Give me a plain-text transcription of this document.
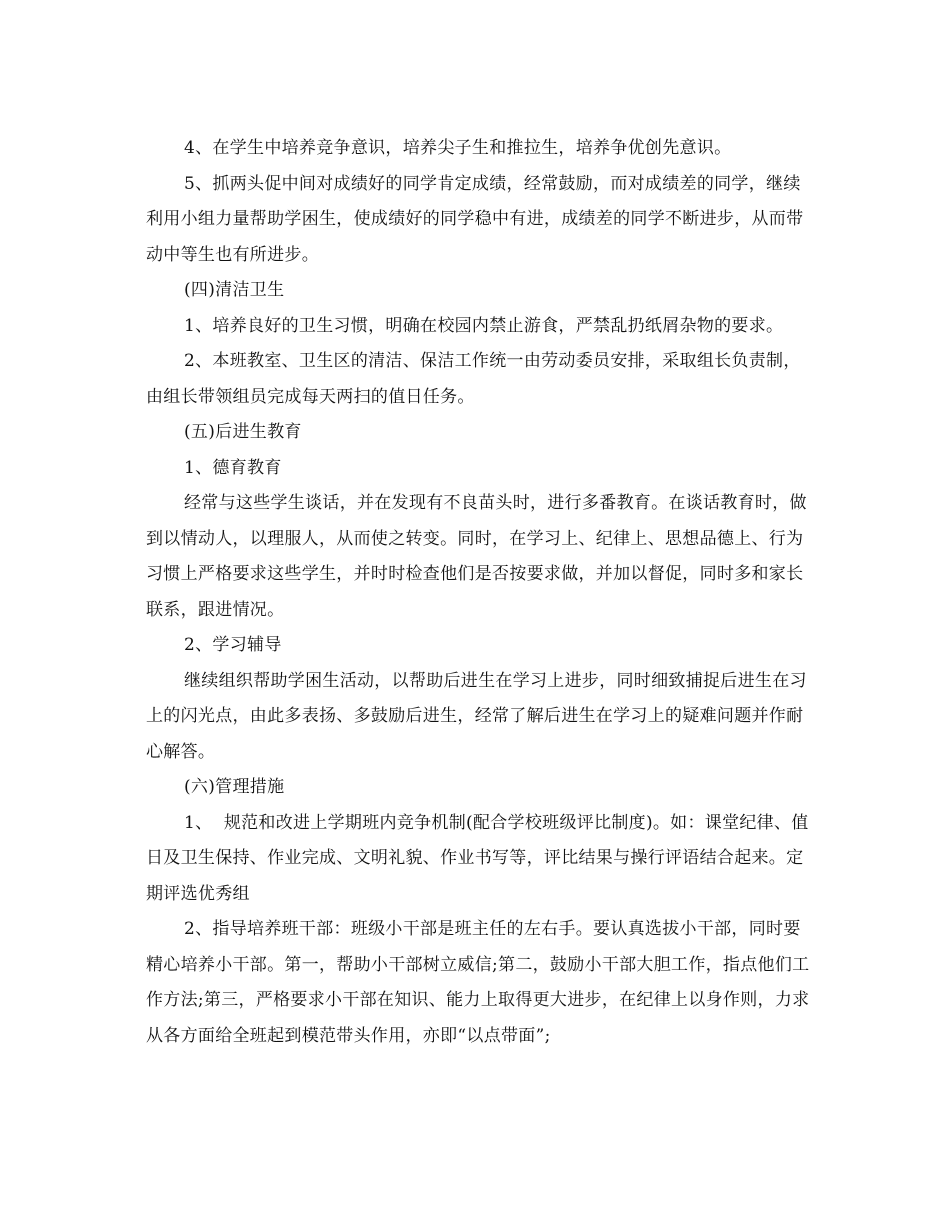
4、在学生中培养竞争意识，培养尖子生和推拉生，培养争优创先意识。

5、抓两头促中间对成绩好的同学肯定成绩，经常鼓励，而对成绩差的同学，继续利用小组力量帮助学困生，使成绩好的同学稳中有进，成绩差的同学不断进步，从而带动中等生也有所进步。

(四)清洁卫生

1、培养良好的卫生习惯，明确在校园内禁止游食，严禁乱扔纸屑杂物的要求。

2、本班教室、卫生区的清洁、保洁工作统一由劳动委员安排，采取组长负责制，由组长带领组员完成每天两扫的值日任务。

(五)后进生教育

1、德育教育

经常与这些学生谈话，并在发现有不良苗头时，进行多番教育。在谈话教育时，做到以情动人，以理服人，从而使之转变。同时，在学习上、纪律上、思想品德上、行为习惯上严格要求这些学生，并时时检查他们是否按要求做，并加以督促，同时多和家长联系，跟进情况。

2、学习辅导

继续组织帮助学困生活动，以帮助后进生在学习上进步，同时细致捕捉后进生在习上的闪光点，由此多表扬、多鼓励后进生，经常了解后进生在学习上的疑难问题并作耐心解答。

(六)管理措施

1、  规范和改进上学期班内竞争机制(配合学校班级评比制度)。如：课堂纪律、值日及卫生保持、作业完成、文明礼貌、作业书写等，评比结果与操行评语结合起来。定期评选优秀组

2、指导培养班干部：班级小干部是班主任的左右手。要认真选拔小干部，同时要精心培养小干部。第一，帮助小干部树立威信;第二，鼓励小干部大胆工作，指点他们工作方法;第三，严格要求小干部在知识、能力上取得更大进步，在纪律上以身作则，力求从各方面给全班起到模范带头作用，亦即“以点带面”;
